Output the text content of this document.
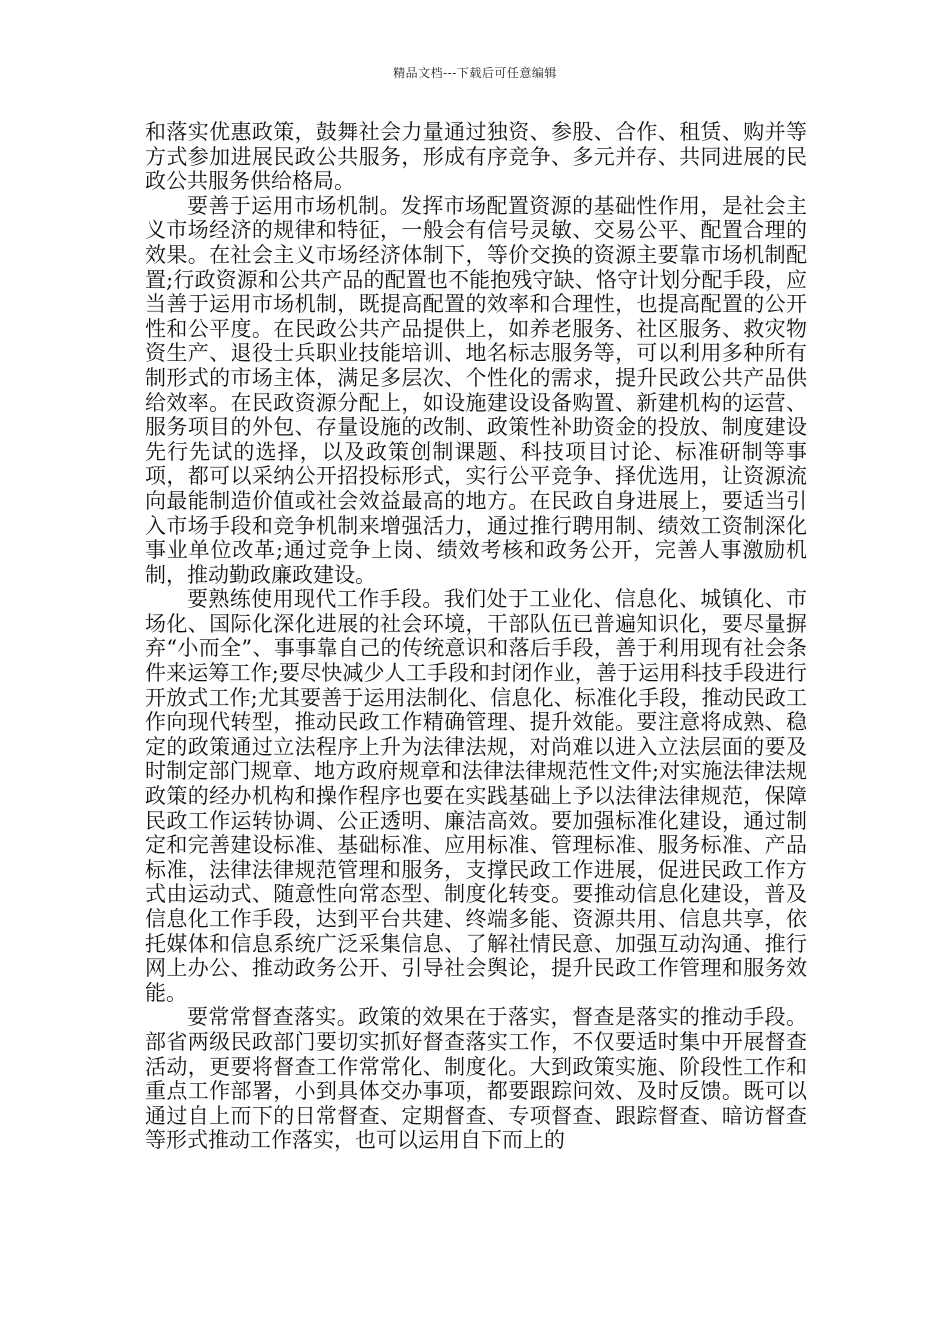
精品文档---下载后可任意编辑

和落实优惠政策，鼓舞社会力量通过独资、参股、合作、租赁、购并等方式参加进展民政公共服务，形成有序竞争、多元并存、共同进展的民政公共服务供给格局。

要善于运用市场机制。发挥市场配置资源的基础性作用，是社会主义市场经济的规律和特征，一般会有信号灵敏、交易公平、配置合理的效果。在社会主义市场经济体制下，等价交换的资源主要靠市场机制配置;行政资源和公共产品的配置也不能抱残守缺、恪守计划分配手段，应当善于运用市场机制，既提高配置的效率和合理性，也提高配置的公开性和公平度。在民政公共产品提供上，如养老服务、社区服务、救灾物资生产、退役士兵职业技能培训、地名标志服务等，可以利用多种所有制形式的市场主体，满足多层次、个性化的需求，提升民政公共产品供给效率。在民政资源分配上，如设施建设设备购置、新建机构的运营、服务项目的外包、存量设施的改制、政策性补助资金的投放、制度建设先行先试的选择，以及政策创制课题、科技项目讨论、标准研制等事项，都可以采纳公开招投标形式，实行公平竞争、择优选用，让资源流向最能制造价值或社会效益最高的地方。在民政自身进展上，要适当引入市场手段和竞争机制来增强活力，通过推行聘用制、绩效工资制深化事业单位改革;通过竞争上岗、绩效考核和政务公开，完善人事激励机制，推动勤政廉政建设。

要熟练使用现代工作手段。我们处于工业化、信息化、城镇化、市场化、国际化深化进展的社会环境，干部队伍已普遍知识化，要尽量摒弃“小而全”、事事靠自己的传统意识和落后手段，善于利用现有社会条件来运筹工作;要尽快减少人工手段和封闭作业，善于运用科技手段进行开放式工作;尤其要善于运用法制化、信息化、标准化手段，推动民政工作向现代转型，推动民政工作精确管理、提升效能。要注意将成熟、稳定的政策通过立法程序上升为法律法规，对尚难以进入立法层面的要及时制定部门规章、地方政府规章和法律法律规范性文件;对实施法律法规政策的经办机构和操作程序也要在实践基础上予以法律法律规范，保障民政工作运转协调、公正透明、廉洁高效。要加强标准化建设，通过制定和完善建设标准、基础标准、应用标准、管理标准、服务标准、产品标准，法律法律规范管理和服务，支撑民政工作进展，促进民政工作方式由运动式、随意性向常态型、制度化转变。要推动信息化建设，普及信息化工作手段，达到平台共建、终端多能、资源共用、信息共享，依托媒体和信息系统广泛采集信息、了解社情民意、加强互动沟通、推行网上办公、推动政务公开、引导社会舆论，提升民政工作管理和服务效能。

要常常督查落实。政策的效果在于落实，督查是落实的推动手段。部省两级民政部门要切实抓好督查落实工作，不仅要适时集中开展督查活动，更要将督查工作常常化、制度化。大到政策实施、阶段性工作和重点工作部署，小到具体交办事项，都要跟踪问效、及时反馈。既可以通过自上而下的日常督查、定期督查、专项督查、跟踪督查、暗访督查等形式推动工作落实，也可以运用自下而上的
